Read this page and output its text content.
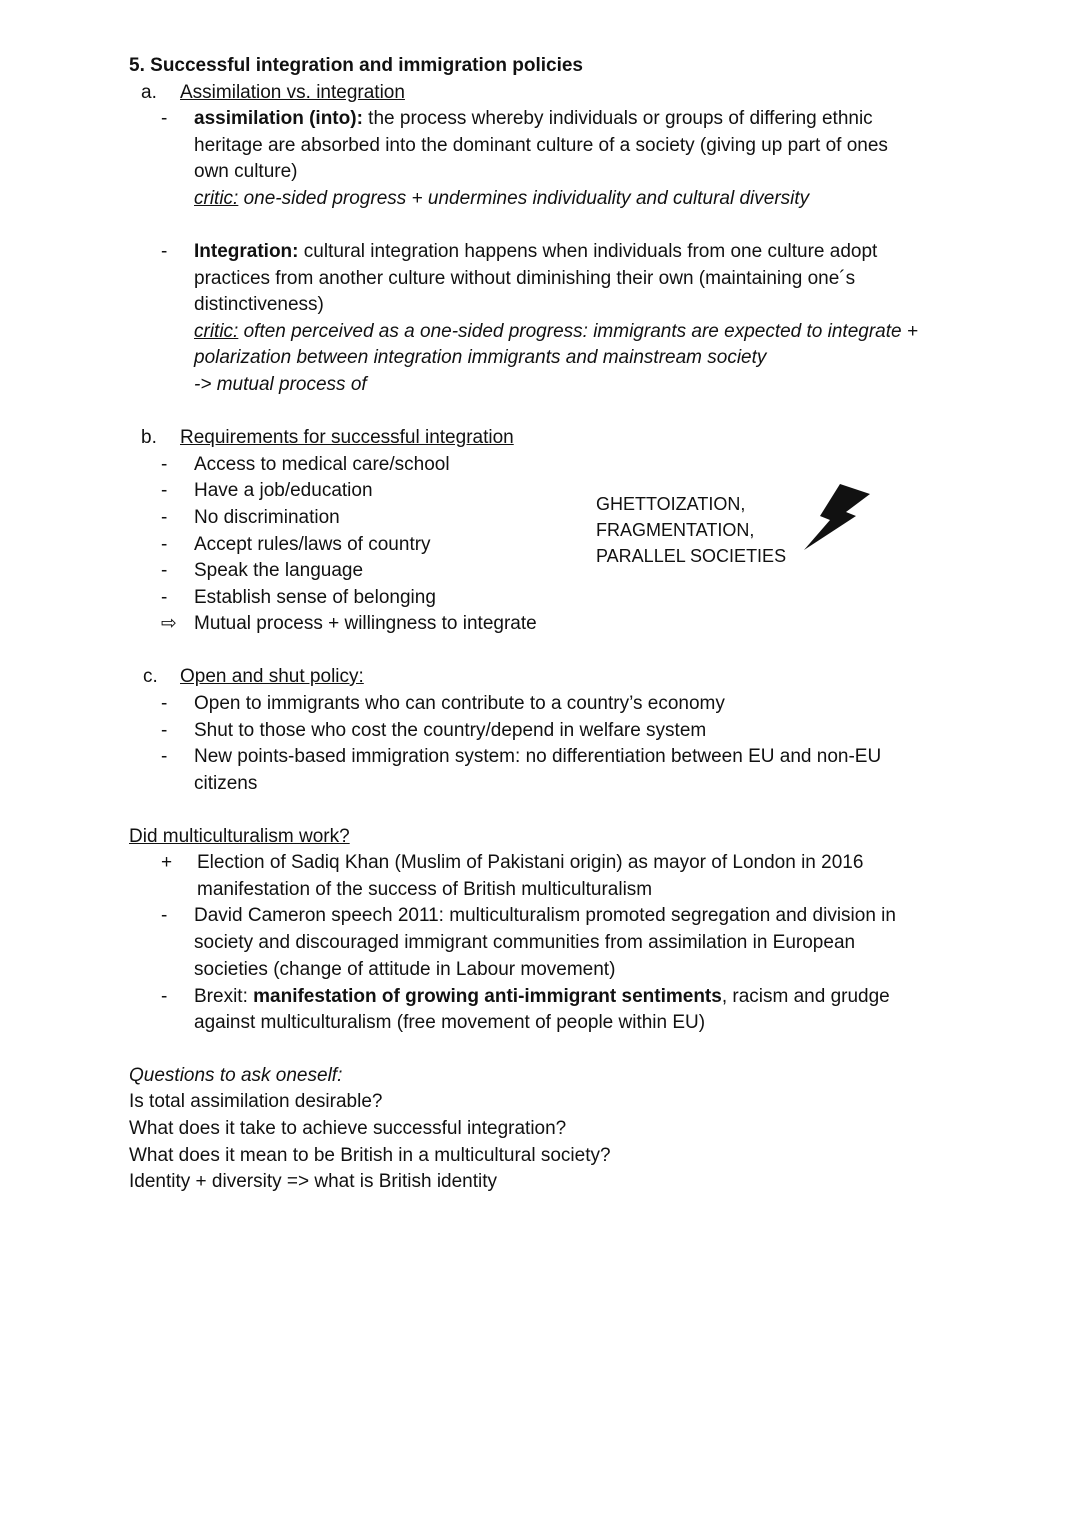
5. Successful integration and immigration policies
a. Assimilation vs. integration
- assimilation (into): the process whereby individuals or groups of differing ethnic
heritage are absorbed into the dominant culture of a society (giving up part of ones
own culture)
critic: one-sided progress + undermines individuality and cultural diversity
- Integration: cultural integration happens when individuals from one culture adopt
practices from another culture without diminishing their own (maintaining one´s
distinctiveness)
critic: often perceived as a one-sided progress: immigrants are expected to integrate +
polarization between integration immigrants and mainstream society
-> mutual process of
b. Requirements for successful integration
- Access to medical care/school
- Have a job/education
- No discrimination
- Accept rules/laws of country
- Speak the language
- Establish sense of belonging
⇨ Mutual process + willingness to integrate
GHETTOIZATION,
FRAGMENTATION,
PARALLEL SOCIETIES
c. Open and shut policy:
- Open to immigrants who can contribute to a country’s economy
- Shut to those who cost the country/depend in welfare system
- New points-based immigration system: no differentiation between EU and non-EU
citizens
Did multiculturalism work?
+ Election of Sadiq Khan (Muslim of Pakistani origin) as mayor of London in 2016
manifestation of the success of British multiculturalism
- David Cameron speech 2011: multiculturalism promoted segregation and division in
society and discouraged immigrant communities from assimilation in European
societies (change of attitude in Labour movement)
- Brexit: manifestation of growing anti-immigrant sentiments, racism and grudge
against multiculturalism (free movement of people within EU)
Questions to ask oneself:
Is total assimilation desirable?
What does it take to achieve successful integration?
What does it mean to be British in a multicultural society?
Identity + diversity => what is British identity
